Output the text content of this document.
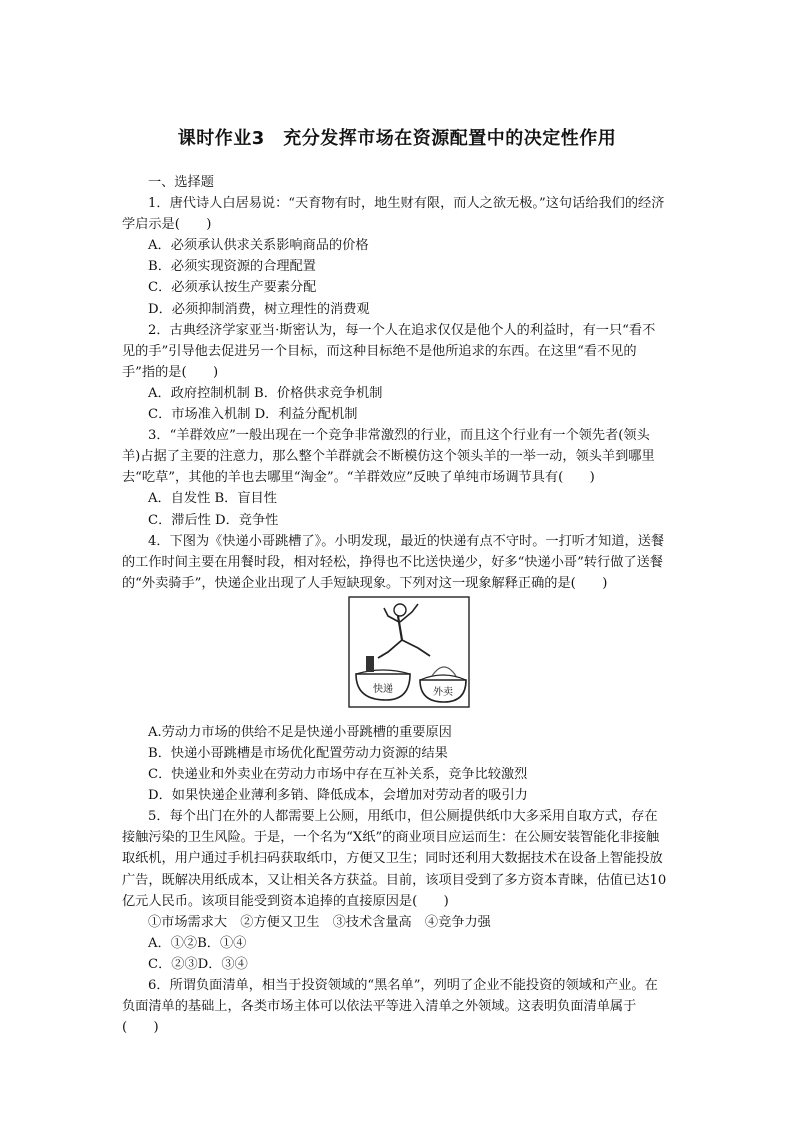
课时作业3　充分发挥市场在资源配置中的决定性作用

一、选择题

1．唐代诗人白居易说：“天育物有时，地生财有限，而人之欲无极。”这句话给我们的经济学启示是(　　)

A．必须承认供求关系影响商品的价格

B．必须实现资源的合理配置

C．必须承认按生产要素分配

D．必须抑制消费，树立理性的消费观

2．古典经济学家亚当·斯密认为，每一个人在追求仅仅是他个人的利益时，有一只“看不见的手”引导他去促进另一个目标，而这种目标绝不是他所追求的东西。在这里“看不见的手”指的是(　　)

A．政府控制机制 B．价格供求竞争机制

C．市场准入机制 D．利益分配机制

3．“羊群效应”一般出现在一个竞争非常激烈的行业，而且这个行业有一个领先者(领头羊)占据了主要的注意力，那么整个羊群就会不断模仿这个领头羊的一举一动，领头羊到哪里去“吃草”，其他的羊也去哪里“淘金”。“羊群效应”反映了单纯市场调节具有(　　)

A．自发性 B．盲目性

C．滞后性 D．竞争性

4．下图为《快递小哥跳槽了》。小明发现，最近的快递有点不守时。一打听才知道，送餐的工作时间主要在用餐时段，相对轻松，挣得也不比送快递少，好多“快递小哥”转行做了送餐的“外卖骑手”，快递企业出现了人手短缺现象。下列对这一现象解释正确的是(　　)

快递	外卖

A.劳动力市场的供给不足是快递小哥跳槽的重要原因

B．快递小哥跳槽是市场优化配置劳动力资源的结果

C．快递业和外卖业在劳动力市场中存在互补关系，竞争比较激烈

D．如果快递企业薄利多销、降低成本，会增加对劳动者的吸引力

5．每个出门在外的人都需要上公厕，用纸巾，但公厕提供纸巾大多采用自取方式，存在接触污染的卫生风险。于是，一个名为“X纸”的商业项目应运而生：在公厕安装智能化非接触取纸机，用户通过手机扫码获取纸巾，方便又卫生；同时还利用大数据技术在设备上智能投放广告，既解决用纸成本，又让相关各方获益。目前，该项目受到了多方资本青睐，估值已达10亿元人民币。该项目能受到资本追捧的直接原因是(　　)

①市场需求大　②方便又卫生　③技术含量高　④竞争力强

A．①②B．①④

C．②③D．③④

6．所谓负面清单，相当于投资领域的“黑名单”，列明了企业不能投资的领域和产业。在负面清单的基础上，各类市场主体可以依法平等进入清单之外领域。这表明负面清单属于(　　)
